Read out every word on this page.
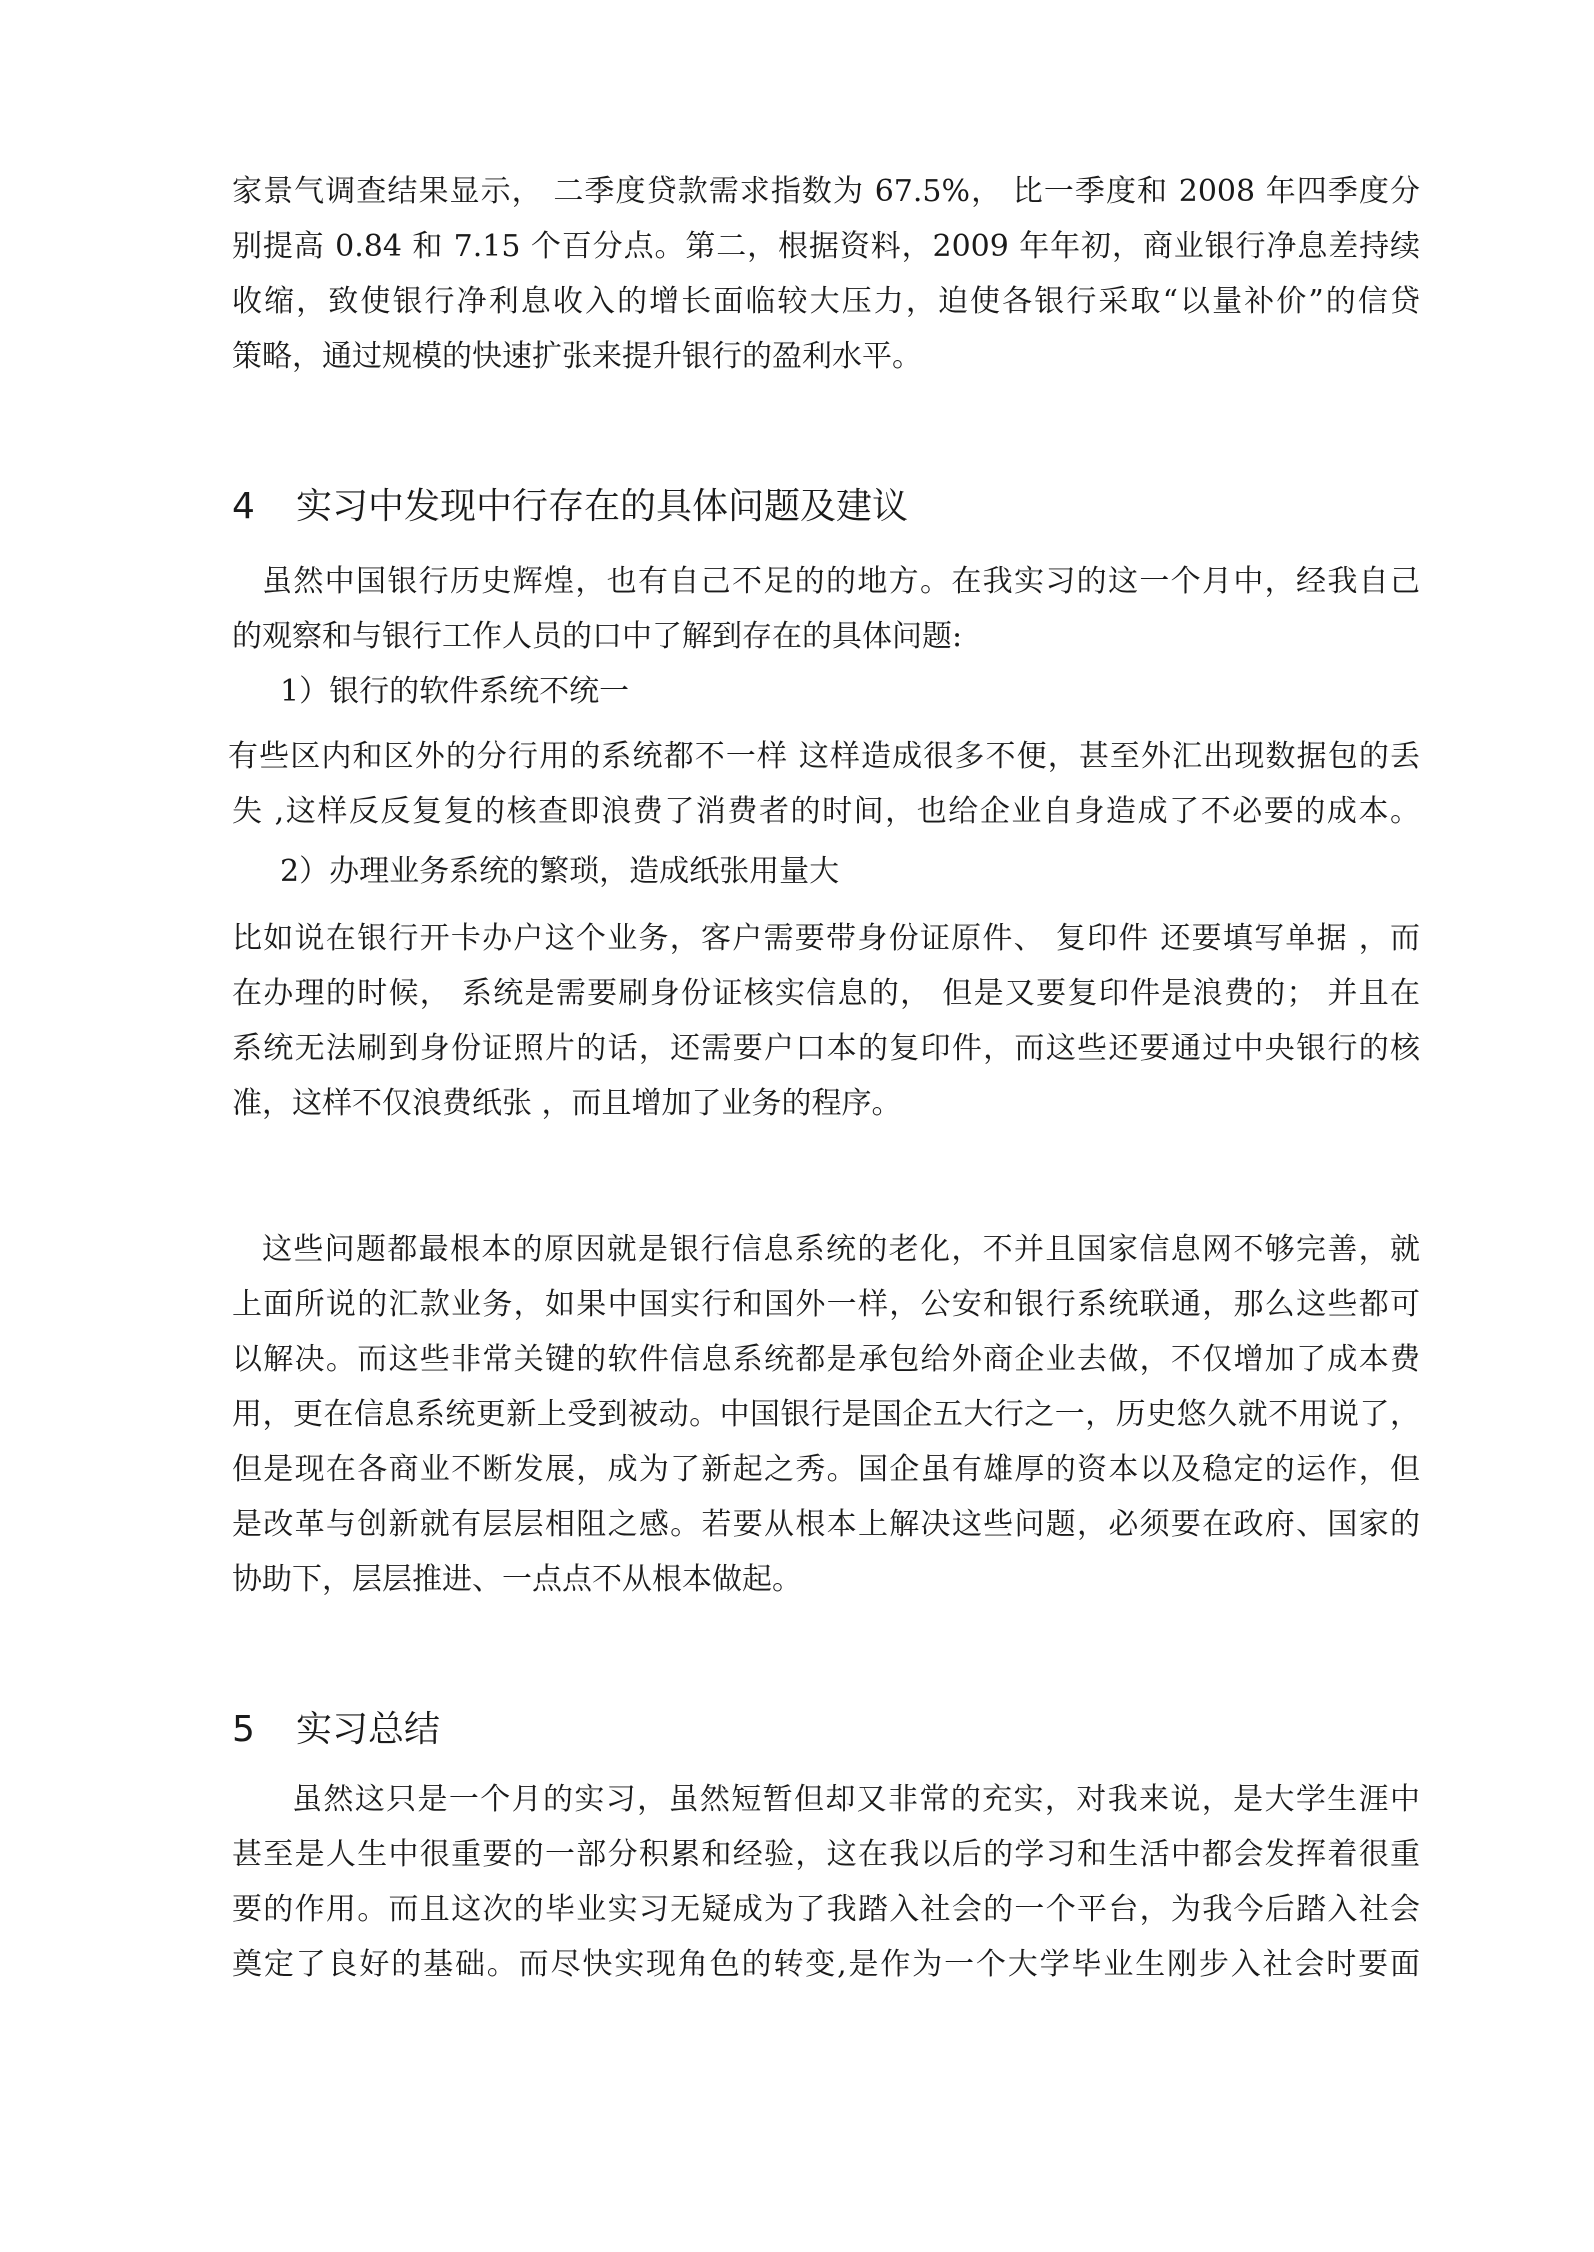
家景气调查结果显示， 二季度贷款需求指数为 67.5%， 比一季度和 2008 年四季度分
别提高 0.84 和 7.15 个百分点。第二，根据资料，2009 年年初，商业银行净息差持续
收缩，致使银行净利息收入的增长面临较大压力，迫使各银行采取“以量补价”的信贷
策略，通过规模的快速扩张来提升银行的盈利水平。
4 实习中发现中行存在的具体问题及建议
虽然中国银行历史辉煌，也有自己不足的的地方。在我实习的这一个月中，经我自己
的观察和与银行工作人员的口中了解到存在的具体问题:
1）银行的软件系统不统一
有些区内和区外的分行用的系统都不一样 这样造成很多不便，甚至外汇出现数据包的丢
失 ,这样反反复复的核查即浪费了消费者的时间，也给企业自身造成了不必要的成本。
2）办理业务系统的繁琐，造成纸张用量大
比如说在银行开卡办户这个业务，客户需要带身份证原件、 复印件 还要填写单据 ，而
在办理的时候， 系统是需要刷身份证核实信息的， 但是又要复印件是浪费的； 并且在
系统无法刷到身份证照片的话，还需要户口本的复印件，而这些还要通过中央银行的核
准，这样不仅浪费纸张 ，而且增加了业务的程序。
这些问题都最根本的原因就是银行信息系统的老化，不并且国家信息网不够完善，就
上面所说的汇款业务，如果中国实行和国外一样，公安和银行系统联通，那么这些都可
以解决。而这些非常关键的软件信息系统都是承包给外商企业去做，不仅增加了成本费
用，更在信息系统更新上受到被动。中国银行是国企五大行之一，历史悠久就不用说了，
但是现在各商业不断发展，成为了新起之秀。国企虽有雄厚的资本以及稳定的运作，但
是改革与创新就有层层相阻之感。若要从根本上解决这些问题，必须要在政府、国家的
协助下，层层推进、一点点不从根本做起。
5 实习总结
虽然这只是一个月的实习，虽然短暂但却又非常的充实，对我来说，是大学生涯中
甚至是人生中很重要的一部分积累和经验，这在我以后的学习和生活中都会发挥着很重
要的作用。而且这次的毕业实习无疑成为了我踏入社会的一个平台，为我今后踏入社会
奠定了良好的基础。而尽快实现角色的转变,是作为一个大学毕业生刚步入社会时要面
